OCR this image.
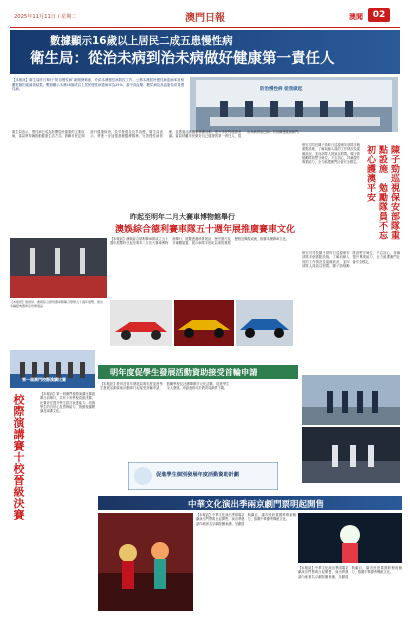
2025年11月11日 / 星期二	澳門日報	澳聞	02
數據顯示16歲以上居民二成五患慢性病
衛生局：從治未病到治未病做好健康第一責任人
【本報訊】衛生局昨日舉行“防治慢性病”新聞發佈會，介紹本澳慢性病防控工作，公佈本澳居民慢性病患病率及相關危險因素調查結果。數據顯示本澳16歲或以上居民慢性病患病率為25%，當中高血壓、糖尿病及高血脂為常見慢性病。	防治慢性病 從我做起
衛生局表示，慢性病已成為影響居民健康的主要疾病，當局將持續推動健康生活方式，鼓勵市民定期進行健康檢查，及早發現及及早治療。衛生局表示，將進一步加強基層醫療服務，完善慢性病管理，並透過社區健康推廣活動，提升市民的健康意識。當局呼籲市民做好自己健康的第一責任人，從治未病到治已病，共同構建健康澳門。
昨起至明年二月大賽車博物館舉行
澳娛綜合德利賽車隊五十週年展推廣賽車文化
【本報訊】澳娛綜合德利賽車隊成立五十週年展覽昨日起至明年二月於大賽車博物館舉行，展覽透過珍貴展品、歷史照片及多媒體裝置，展示車隊半世紀以來的發展歷程及輝煌成就，推廣本澳賽車文化。
【本報訊】旅遊局、澳娛綜合德利賽車隊聯合舉辦五十週年展覽，展出多輛經典賽車及珍貴展品
保安司司長陳子勁昨日巡視保安部隊多個重點設施，了解前線人員的工作情況及裝備狀況，並向部隊人員致以慰問。陳子勁勉勵隊員堅守崗位，不忘初心，持續提升專業能力，全力維護澳門社會安全穩定。	陳子勁巡視保安部隊重點設施　勉勵隊員不忘初心護澳平安
保安司司長陳子勁昨日巡視保安部隊多個重點設施，了解前線人員的工作情況及裝備狀況，並向部隊人員致以慰問。陳子勁勉勵隊員堅守崗位，不忘初心，持續提升專業能力，全力維護澳門社會安全穩定。
第一屆澳門校際演講比賽
校際演講賽十校晉級決賽	【本報訊】第一屆澳門校際演講比賽複賽日前舉行，共有十所學校晉級決賽。比賽旨在提升學生語言表達能力，培養學生的自信心及思辨能力，推動校園閱讀及演講文化。
明年度促學生發展活動資助接受首輪申請
【本報訊】教育及青年發展局明年度促進學生發展活動資助計劃即日起接受首輪申請，鼓勵學校及社團舉辦多元化活動，促進學生全人發展。申請表格可於教青局網頁下載。
促進學生個別發展年度活動資助計劃
中華文化演出季兩京劇門票明起開售
【本報訊】中華文化演出季兩場京劇演出門票明日起開售，演出將邀請內地著名京劇院團來澳，呈獻經典劇目，讓市民欣賞國粹藝術魅力，推廣中華優秀傳統文化。
【本報訊】中華文化演出季兩場京劇演出門票明日起開售，演出將邀請內地著名京劇院團來澳，呈獻經典劇目，讓市民欣賞國粹藝術魅力，推廣中華優秀傳統文化。
